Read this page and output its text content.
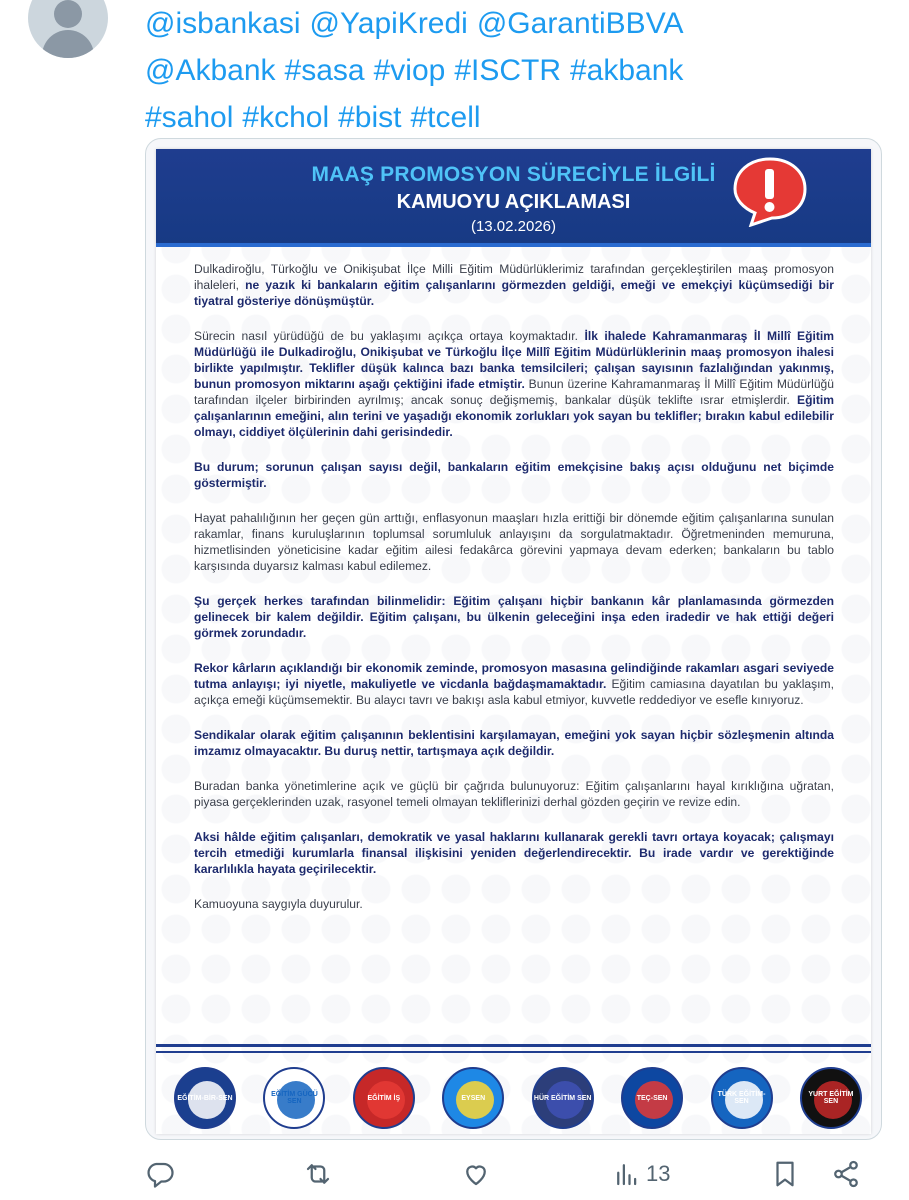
@isbankasi @YapiKredi @GarantiBBVA
@Akbank #sasa #viop #ISCTR #akbank
#sahol #kchol #bist #tcell
MAAŞ PROMOSYON SÜRECİYLE İLGİLİ
KAMUOYU AÇIKLAMASI
(13.02.2026)

Dulkadiroğlu, Türkoğlu ve Onikişubat İlçe Milli Eğitim Müdürlüklerimiz tarafından gerçekleştirilen maaş promosyon ihaleleri, ne yazık ki bankaların eğitim çalışanlarını görmezden geldiği, emeği ve emekçiyi küçümsediği bir tiyatral gösteriye dönüşmüştür.

Sürecin nasıl yürüdüğü de bu yaklaşımı açıkça ortaya koymaktadır. İlk ihalede Kahramanmaraş İl Millî Eğitim Müdürlüğü ile Dulkadiroğlu, Onikişubat ve Türkoğlu İlçe Millî Eğitim Müdürlüklerinin maaş promosyon ihalesi birlikte yapılmıştır. Teklifler düşük kalınca bazı banka temsilcileri; çalışan sayısının fazlalığından yakınmış, bunun promosyon miktarını aşağı çektiğini ifade etmiştir. Bunun üzerine Kahramanmaraş İl Millî Eğitim Müdürlüğü tarafından ilçeler birbirinden ayrılmış; ancak sonuç değişmemiş, bankalar düşük teklifte ısrar etmişlerdir. Eğitim çalışanlarının emeğini, alın terini ve yaşadığı ekonomik zorlukları yok sayan bu teklifler; bırakın kabul edilebilir olmayı, ciddiyet ölçülerinin dahi gerisindedir.

Bu durum; sorunun çalışan sayısı değil, bankaların eğitim emekçisine bakış açısı olduğunu net biçimde göstermiştir.

Hayat pahalılığının her geçen gün arttığı, enflasyonun maaşları hızla erittiği bir dönemde eğitim çalışanlarına sunulan rakamlar, finans kuruluşlarının toplumsal sorumluluk anlayışını da sorgulatmaktadır. Öğretmeninden memuruna, hizmetlisinden yöneticisine kadar eğitim ailesi fedakârca görevini yapmaya devam ederken; bankaların bu tablo karşısında duyarsız kalması kabul edilemez.

Şu gerçek herkes tarafından bilinmelidir: Eğitim çalışanı hiçbir bankanın kâr planlamasında görmezden gelinecek bir kalem değildir. Eğitim çalışanı, bu ülkenin geleceğini inşa eden iradedir ve hak ettiği değeri görmek zorundadır.

Rekor kârların açıklandığı bir ekonomik zeminde, promosyon masasına gelindiğinde rakamları asgari seviyede tutma anlayışı; iyi niyetle, makuliyetle ve vicdanla bağdaşmamaktadır. Eğitim camiasına dayatılan bu yaklaşım, açıkça emeği küçümsemektir. Bu alaycı tavrı ve bakışı asla kabul etmiyor, kuvvetle reddediyor ve esefle kınıyoruz.

Sendikalar olarak eğitim çalışanının beklentisini karşılamayan, emeğini yok sayan hiçbir sözleşmenin altında imzamız olmayacaktır. Bu duruş nettir, tartışmaya açık değildir.

Buradan banka yönetimlerine açık ve güçlü bir çağrıda bulunuyoruz: Eğitim çalışanlarını hayal kırıklığına uğratan, piyasa gerçeklerinden uzak, rasyonel temeli olmayan tekliflerinizi derhal gözden geçirin ve revize edin.

Aksi hâlde eğitim çalışanları, demokratik ve yasal haklarını kullanarak gerekli tavrı ortaya koyacak; çalışmayı tercih etmediği kurumlarla finansal ilişkisini yeniden değerlendirecektir. Bu irade vardır ve gerektiğinde kararlılıkla hayata geçirilecektir.

Kamuoyuna saygıyla duyurulur.

EĞİTİM-BİR-SEN	EĞİTİM GÜCÜ SEN	EĞİTİM İŞ	EYSEN	HÜR EĞİTİM SEN	TEÇ-SEN	TÜRK EĞİTİM-SEN
YURT EĞİTİM SEN
13
